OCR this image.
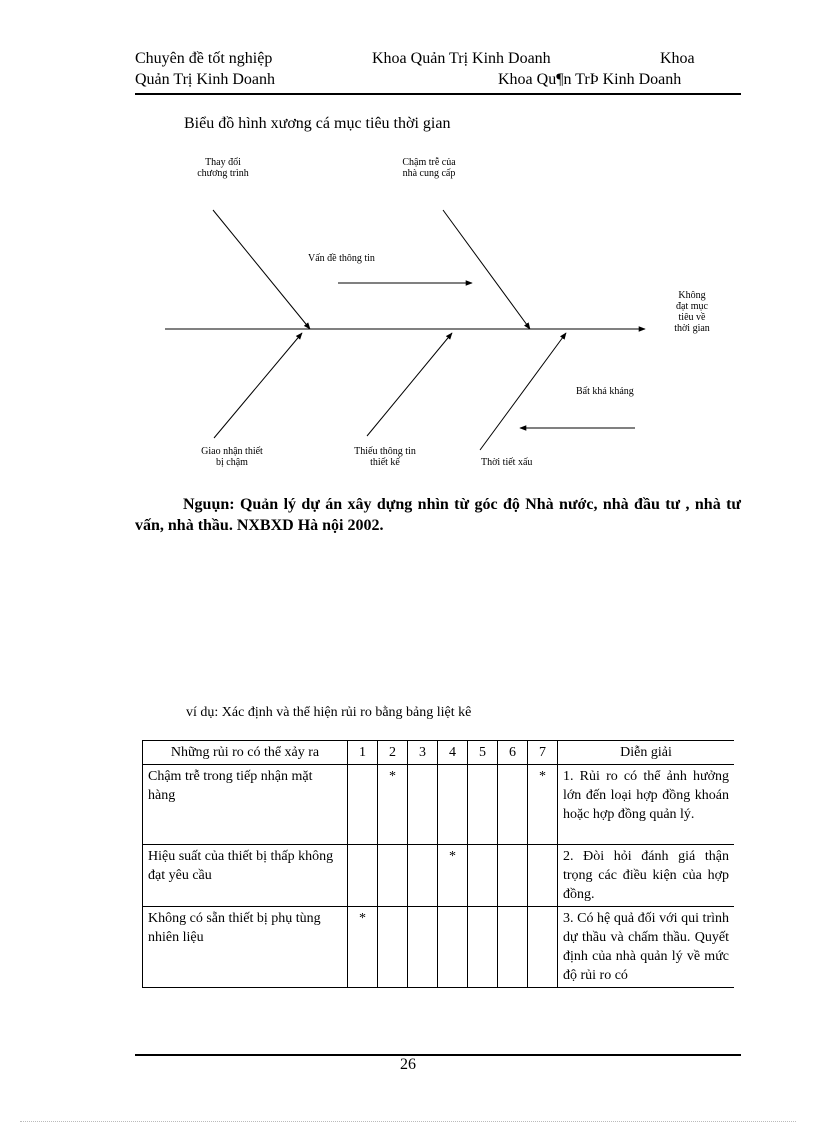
Chuyên đề tốt nghiệp	Khoa Quản Trị Kinh Doanh	Khoa
Quản Trị Kinh Doanh	Khoa Qu¶n TrÞ Kinh Doanh
Biểu đồ hình xương cá mục tiêu thời gian
Thay đổi
chương trình
Chậm trễ của
nhà cung cấp
Vấn đề thông tin
Không
đạt mục
tiêu về
thời gian
Bất khả kháng
Giao nhận thiết
bị chậm
Thiếu thông tin
thiết kế	Thời tiết xấu
Nguụn: Quản lý dự án xây dựng nhìn từ góc độ Nhà nước, nhà đầu tư , nhà tư vấn, nhà thầu. NXBXD Hà nội 2002.
ví dụ: Xác định và thể hiện rủi ro bằng bảng liệt kê
Những rủi ro có thể xảy ra	1	2	3	4	5	6	7	Diễn giải
Chậm trễ trong tiếp nhận mặt hàng		*					*	1. Rủi ro có thể ảnh hưởng lớn đến loại hợp đồng khoán hoặc hợp đồng quản lý.
Hiệu suất của thiết bị thấp không đạt yêu cầu				*				2. Đòi hỏi đánh giá thận trọng các điều kiện của hợp đồng.
Không có sẵn thiết bị phụ tùng nhiên liệu	*							3. Có hệ quả đối với qui trình dự thầu và chấm thầu. Quyết định của nhà quản lý về mức độ rủi ro có
26
